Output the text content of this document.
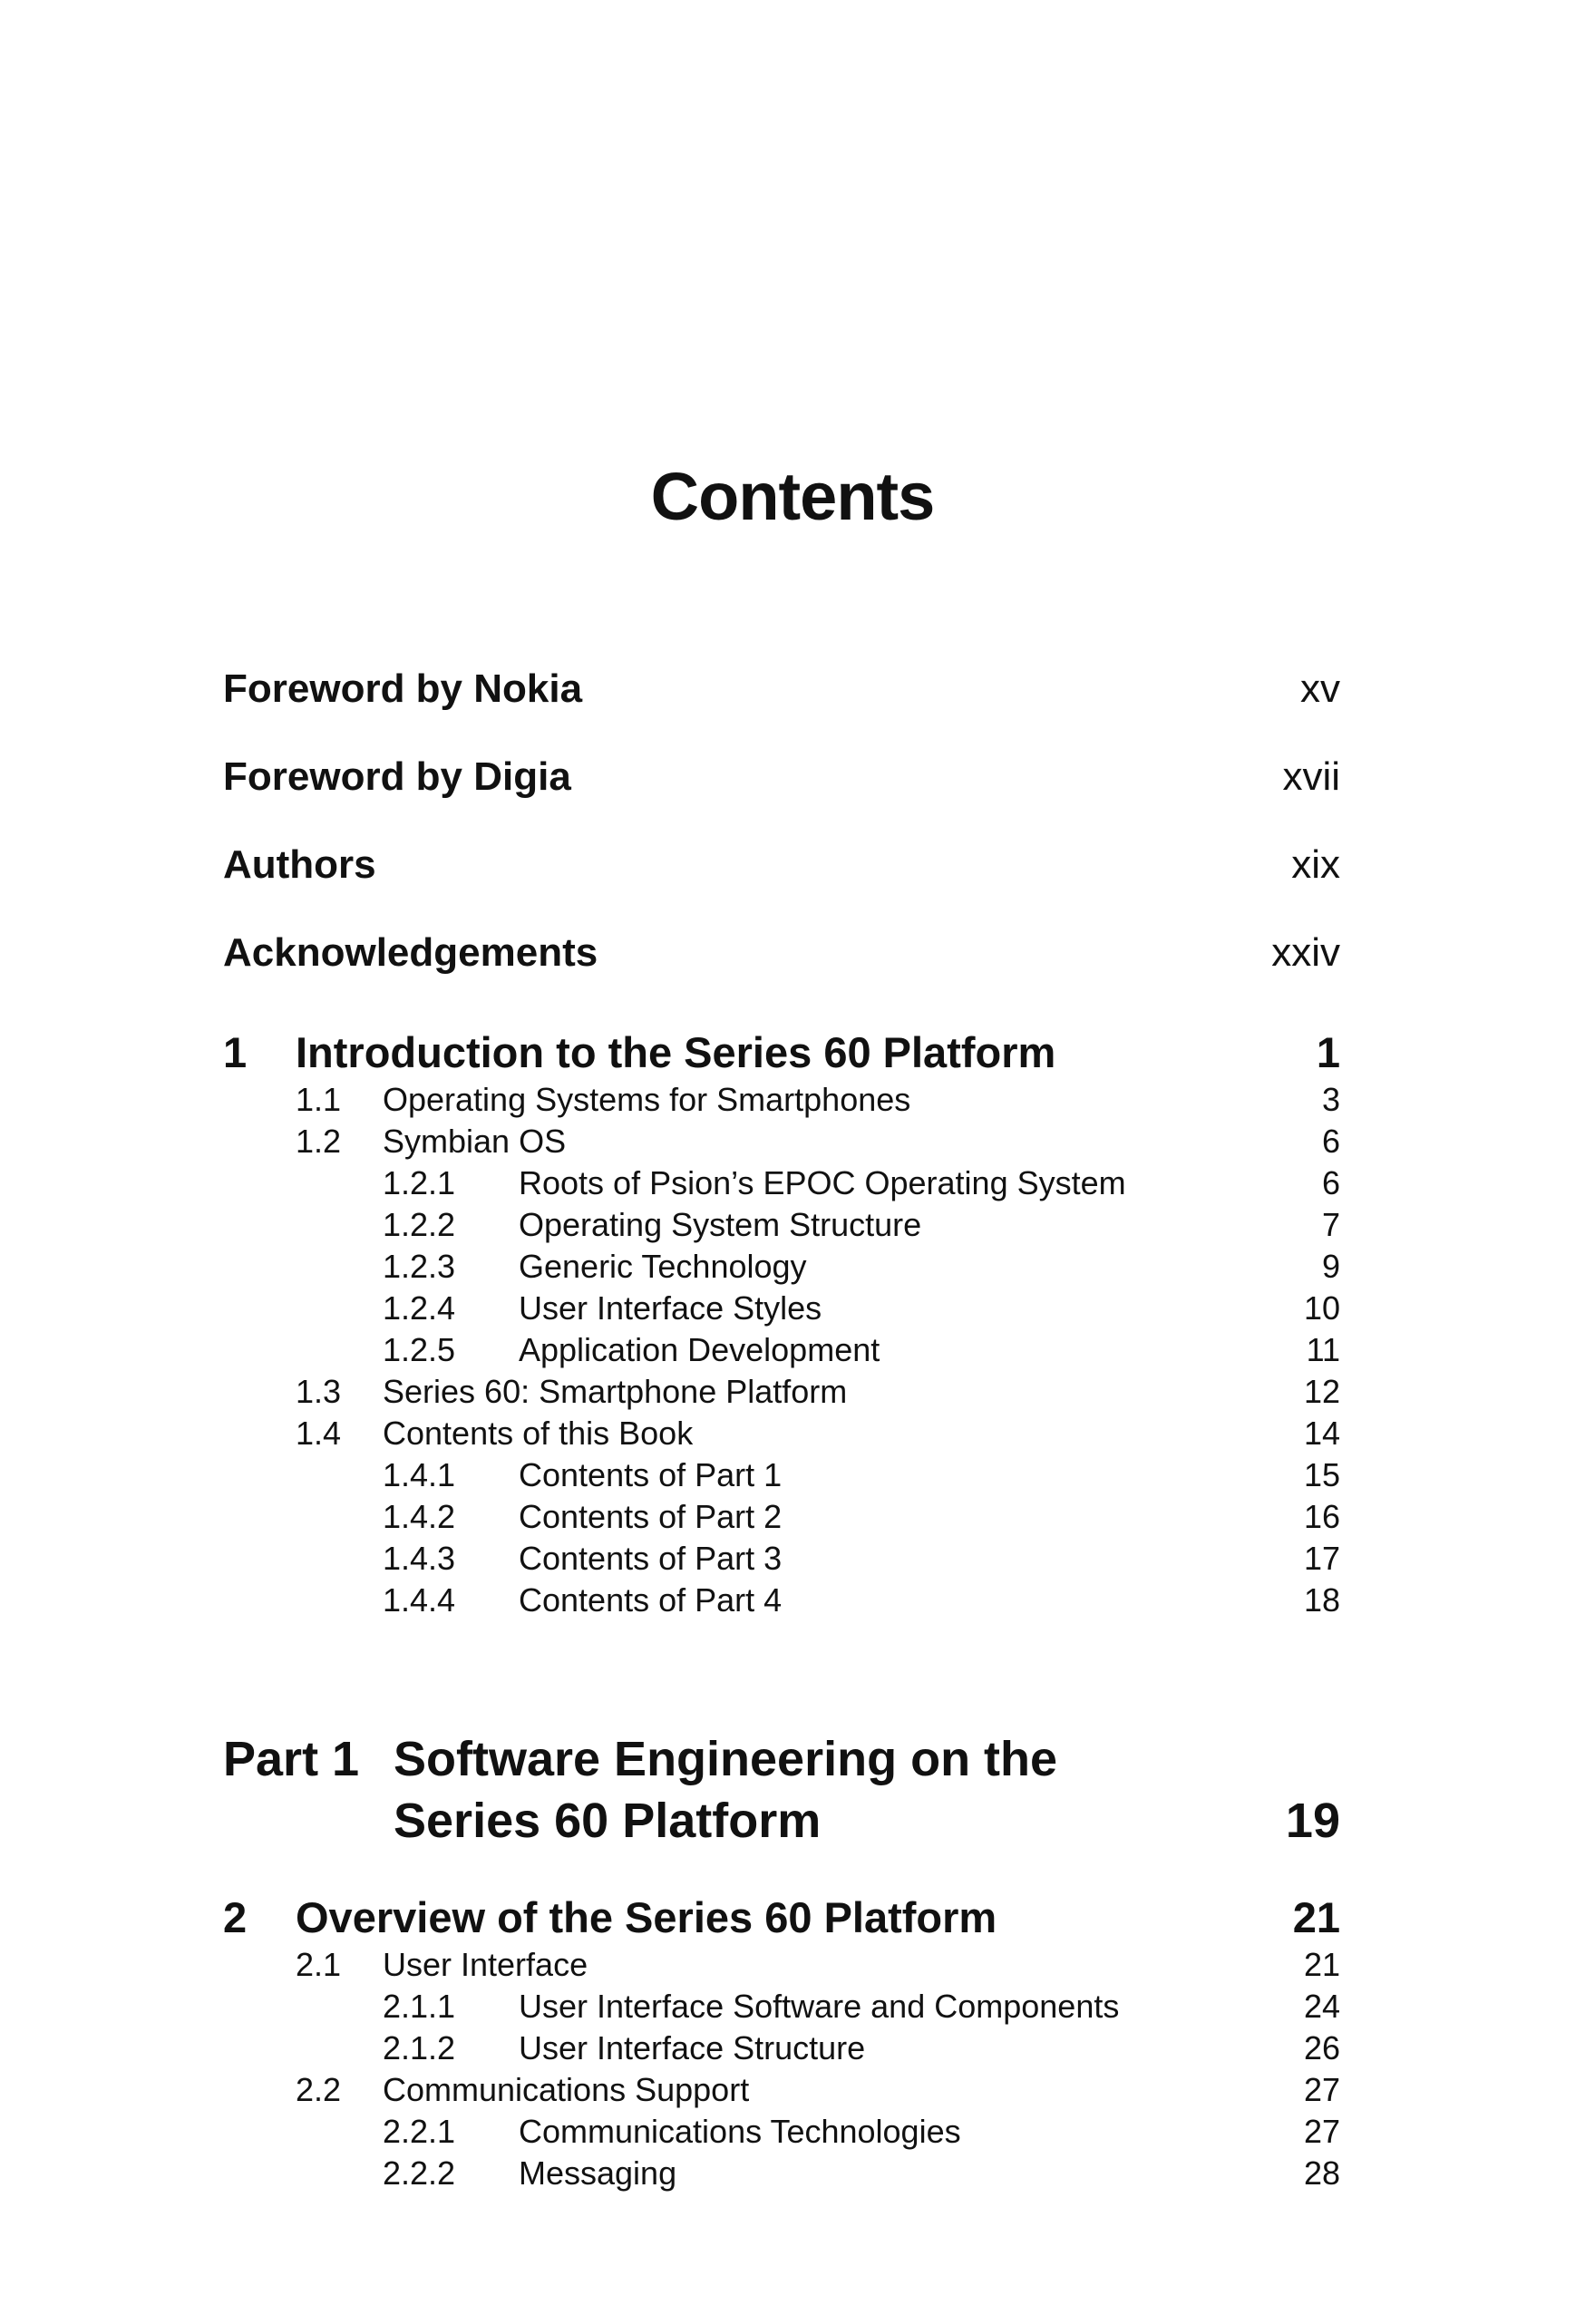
Contents
Foreword by Nokia	xv
Foreword by Digia	xvii
Authors	xix
Acknowledgements	xxiv
1 Introduction to the Series 60 Platform	1
1.1 Operating Systems for Smartphones	3
1.2 Symbian OS	6
1.2.1 Roots of Psion’s EPOC Operating System	6
1.2.2 Operating System Structure	7
1.2.3 Generic Technology	9
1.2.4 User Interface Styles	10
1.2.5 Application Development	11
1.3 Series 60: Smartphone Platform	12
1.4 Contents of this Book	14
1.4.1 Contents of Part 1	15
1.4.2 Contents of Part 2	16
1.4.3 Contents of Part 3	17
1.4.4 Contents of Part 4	18
Part 1 Software Engineering on the
Series 60 Platform	19
2 Overview of the Series 60 Platform	21
2.1 User Interface	21
2.1.1 User Interface Software and Components	24
2.1.2 User Interface Structure	26
2.2 Communications Support	27
2.2.1 Communications Technologies	27
2.2.2 Messaging	28
